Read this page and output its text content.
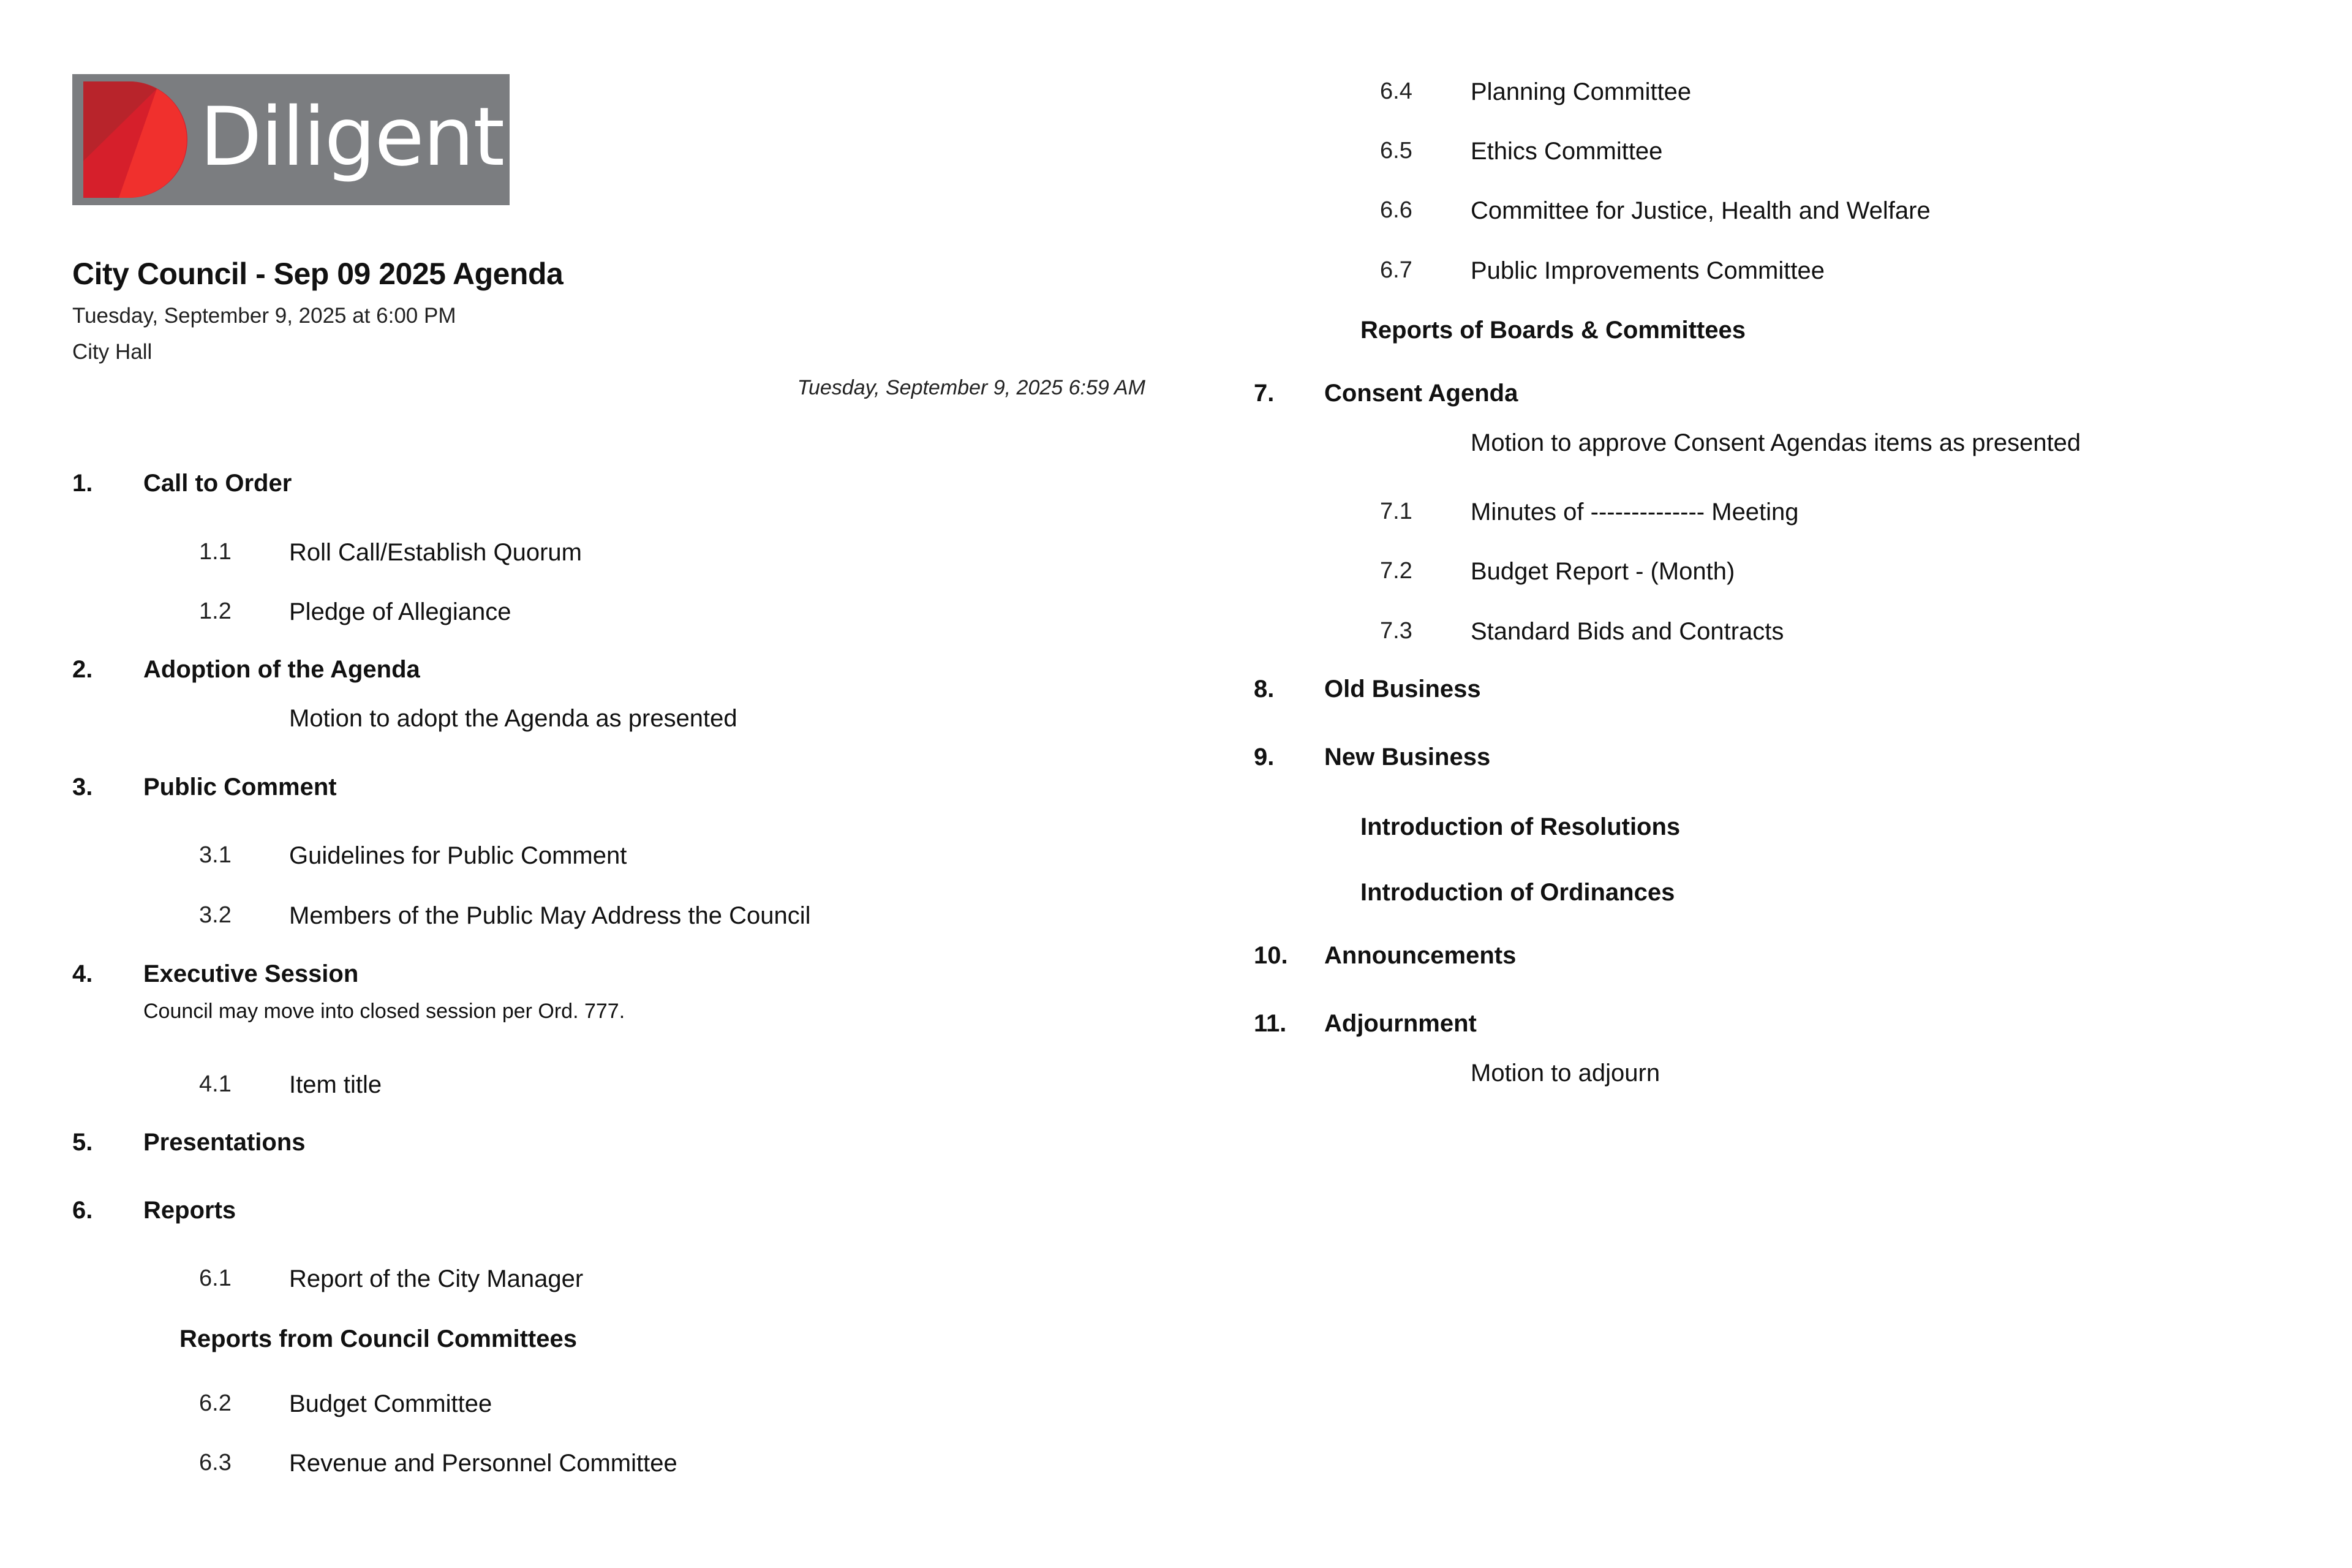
Diligent
City Council - Sep 09 2025 Agenda
Tuesday, September 9, 2025 at 6:00 PM
City Hall
Tuesday, September 9, 2025 6:59 AM
1. Call to Order
1.1 Roll Call/Establish Quorum
1.2 Pledge of Allegiance
2. Adoption of the Agenda
Motion to adopt the Agenda as presented
3. Public Comment
3.1 Guidelines for Public Comment
3.2 Members of the Public May Address the Council
4. Executive Session
Council may move into closed session per Ord. 777.
4.1 Item title
5. Presentations
6. Reports
6.1 Report of the City Manager
Reports from Council Committees
6.2 Budget Committee
6.3 Revenue and Personnel Committee
6.4 Planning Committee
6.5 Ethics Committee
6.6 Committee for Justice, Health and Welfare
6.7 Public Improvements Committee
Reports of Boards & Committees
7. Consent Agenda
Motion to approve Consent Agendas items as presented
7.1 Minutes of -------------- Meeting
7.2 Budget Report - (Month)
7.3 Standard Bids and Contracts
8. Old Business
9. New Business
Introduction of Resolutions
Introduction of Ordinances
10. Announcements
11. Adjournment
Motion to adjourn
